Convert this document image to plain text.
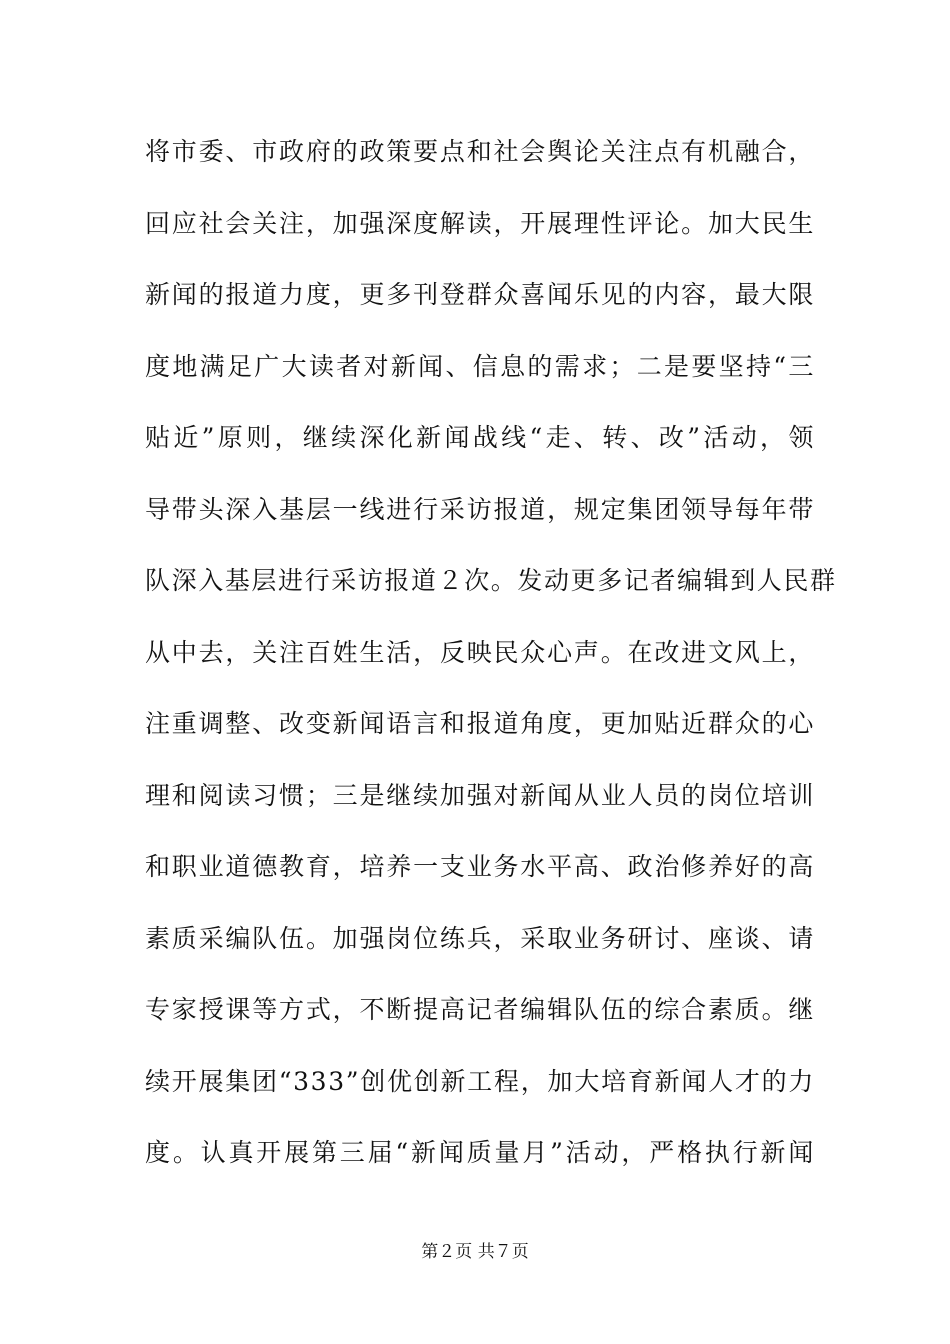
将市委、市政府的政策要点和社会舆论关注点有机融合，
回应社会关注，加强深度解读，开展理性评论。加大民生
新闻的报道力度，更多刊登群众喜闻乐见的内容，最大限
度地满足广大读者对新闻、信息的需求；二是要坚持“三
贴近”原则，继续深化新闻战线“走、转、改”活动，领
导带头深入基层一线进行采访报道，规定集团领导每年带
队深入基层进行采访报道２次。发动更多记者编辑到人民群
从中去，关注百姓生活，反映民众心声。在改进文风上，
注重调整、改变新闻语言和报道角度，更加贴近群众的心
理和阅读习惯；三是继续加强对新闻从业人员的岗位培训
和职业道德教育，培养一支业务水平高、政治修养好的高
素质采编队伍。加强岗位练兵，采取业务研讨、座谈、请
专家授课等方式，不断提高记者编辑队伍的综合素质。继
续开展集团“333”创优创新工程，加大培育新闻人才的力
度。认真开展第三届“新闻质量月”活动，严格执行新闻
第２页 共７页
